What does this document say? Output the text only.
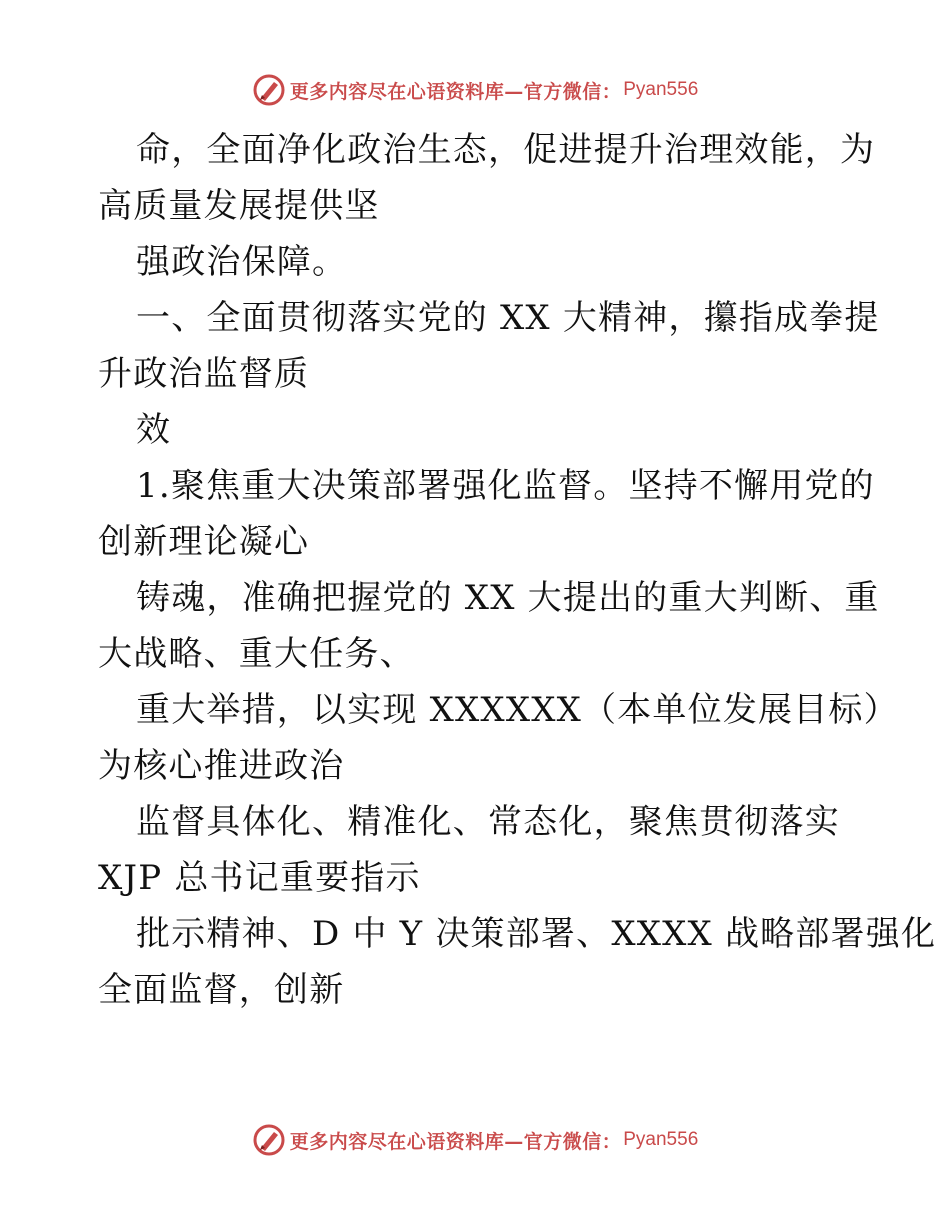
更多内容尽在心语资料库—官方微信： Pyan556
命，全面净化政治生态，促进提升治理效能，为
高质量发展提供坚
强政治保障。
一、全面贯彻落实党的 XX 大精神，攥指成拳提
升政治监督质
效
1.聚焦重大决策部署强化监督。坚持不懈用党的
创新理论凝心
铸魂，准确把握党的 XX 大提出的重大判断、重
大战略、重大任务、
重大举措，以实现 XXXXXX（本单位发展目标）
为核心推进政治
监督具体化、精准化、常态化，聚焦贯彻落实
XJP 总书记重要指示
批示精神、D 中 Y 决策部署、XXXX 战略部署强化
全面监督，创新
更多内容尽在心语资料库—官方微信： Pyan556
